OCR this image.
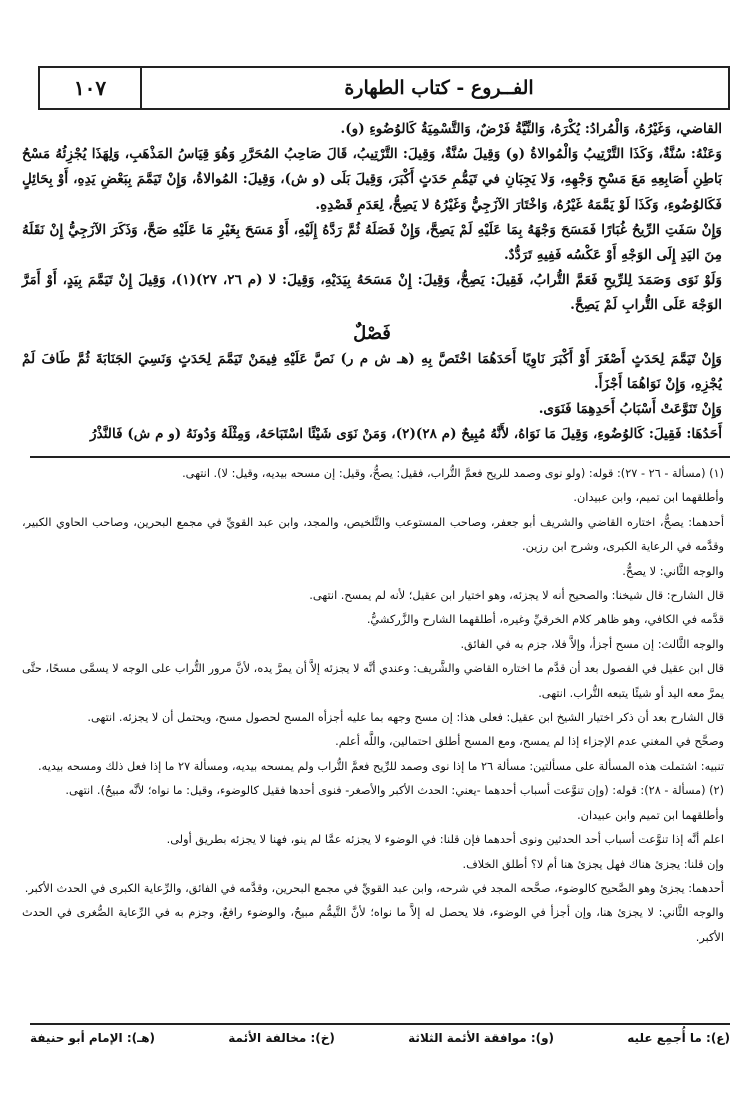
الفــروع - كتاب الطهارة
١٠٧

القاضي، وَغَيْرُهُ، وَالْمُرادُ: يُكْرَهُ، وَالنِّيَّةُ فَرْضٌ، وَالتَّسْمِيَةُ كَالوُضُوءِ (و).

وَعَنْهُ: سُنَّةٌ، وَكَذَا التَّرْتِيبُ وَالْمُوالاةُ (و) وَقِيلَ سُنَّةٌ، وَقِيلَ: التَّرْتِيبُ، قَالَ صَاحِبُ المُحَرَّرِ وَهُوَ قِيَاسُ المَذْهَبِ، وَلِهَذَا يُجْزِئُهُ مَسْحُ بَاطِنِ أَصَابِعِهِ مَعَ مَسْحِ وَجْهِهِ، وَلا يَجِبَانِ في تَيَمُّمِ حَدَثٍ أَكْبَرَ، وَقِيلَ بَلَى (و ش)، وَقِيلَ: المُوالاةُ، وَإِنْ تَيَمَّمَ بِبَعْضِ يَدِهِ، أَوْ بِحَائِلٍ فَكَالوُضُوءِ، وَكَذَا لَوْ يَمَّمَهُ غَيْرُهُ، وَاخْتَارَ الآزَجِيُّ وَغَيْرُهُ لا يَصِحُّ، لِعَدَمِ قَصْدِهِ.

وَإِنْ سَفَتِ الرِّيحُ غُبَارًا فَمَسَحَ وَجْهَهُ بِمَا عَلَيْهِ لَمْ يَصِحَّ، وَإِنْ فَصَلَهُ ثُمَّ رَدَّهُ إِلَيْهِ، أَوْ مَسَحَ بِغَيْرِ مَا عَلَيْهِ صَحَّ، وَذَكَرَ الآزَجِيُّ إِنْ نَقَلَهُ مِنَ اليَدِ إِلَى الوَجْهِ أَوْ عَكْسُه فَفِيهِ تَرَدُّدٌ.

وَلَوْ نَوَى وَصَمَدَ لِلرِّيحِ فَعَمَّ التُّرابُ، فَقِيلَ: يَصِحُّ، وَقِيلَ: إِنْ مَسَحَهُ بِيَدَيْهِ، وَقِيلَ: لا (م ٢٦، ٢٧)(١)، وَقِيلَ إِنْ تَيَمَّمَ بِيَدٍ، أَوْ أَمَرَّ الوَجْهَ عَلَى التُّرابِ لَمْ يَصِحَّ.

فَصْلٌ

وَإِنْ تَيَمَّمَ لِحَدَثٍ أَصْغَرَ أَوْ أَكْبَرَ نَاوِيًا أَحَدَهُمَا اخْتَصَّ بِهِ (هـ ش م ر) نَصَّ عَلَيْهِ فِيمَنْ تَيَمَّمَ لِحَدَثٍ وَنَسِيَ الجَنَابَةَ ثُمَّ طَافَ لَمْ يُجْزِهِ، وَإِنْ نَوَاهُمَا أَجْزَأَ.

وَإِنْ تَنَوَّعَتْ أَسْبَابُ أَحَدِهِمَا فَنَوَى.

أَحَدُهَا: فَقِيلَ: كَالوُضُوءِ، وَقِيلَ مَا نَوَاهُ، لأَنَّهُ مُبِيحٌ (م ٢٨)(٢)، وَمَنْ نَوَى شَيْئًا اسْتَبَاحَهُ، وَمِثْلَهُ وَدُونَهُ (و م ش) فَالنَّذْرُ

(١) (مسألة - ٢٦ - ٢٧): قوله: (ولو نوى وصمد للريح فعمَّ التُّراب، فقيل: يصحُّ، وقيل: إن مسحه بيديه، وقيل: لا). انتهى.

وأطلقهما ابن تميم، وابن عبيدان.

أحدهما: يصحُّ، اختاره القاضي والشريف أبو جعفر، وصاحب المستوعب والتَّلخيص، والمجد، وابن عبد القويِّ في مجمع البحرين، وصاحب الحاوي الكبير، وقدَّمه في الرعاية الكبرى، وشرح ابن رزين.

والوجه الثَّاني: لا يصحُّ.

قال الشارح: قال شيخنا: والصحيح أنه لا يجزئه، وهو اختيار ابن عقيل؛ لأنه لم يمسح. انتهى.

قدَّمه في الكافي، وهو ظاهر كلام الخرقيِّ وغيره، أطلقهما الشارح والزَّركشيُّ.

والوجه الثَّالث: إن مسح أجزأ، وإلاَّ فلا، جزم به في الفائق.

قال ابن عقيل في الفصول بعد أن قدَّم ما اختاره القاضي والشَّريف: وعندي أنَّه لا يجزئه إلاَّ أن يمرَّ يده، لأنَّ مرور التُّراب على الوجه لا يسمَّى مسحًا، حتَّى يمرَّ معه اليد أو شيئًا يتبعه التُّراب. انتهى.

قال الشارح بعد أن ذكر اختيار الشيخ ابن عقيل: فعلى هذا: إن مسح وجهه بما عليه أجزأه المسح لحصول مسح، ويحتمل أن لا يجزئه. انتهى.

وصحَّح في المغني عدم الإجزاء إذا لم يمسح، ومع المسح أطلق احتمالين، واللَّه أعلم.

تنبيه: اشتملت هذه المسألة على مسألتين: مسألة ٢٦ ما إذا نوى وصمد للرِّيح فعمَّ التُّراب ولم يمسحه بيديه، ومسألة ٢٧ ما إذا فعل ذلك ومسحه بيديه.

(٢) (مسألة - ٢٨): قوله: (وإن تنوَّعت أسباب أحدهما -يعني: الحدث الأكبر والأصغر- فنوى أحدها فقيل كالوضوء، وقيل: ما نواه؛ لأنَّه مبيحٌ). انتهى.

وأطلقهما ابن تميم وابن عبيدان.

اعلم أنَّه إذا تنوَّعت أسباب أحد الحدثين ونوى أحدهما فإن قلنا: في الوضوء لا يجزئه عمَّا لم ينو، فهنا لا يجزئه بطريق أولى.

وإن قلنا: يجزئ هناك فهل يجزئ هنا أم لا؟ أطلق الخلاف.

أحدهما: يجزئ وهو الصَّحيح كالوضوء، صحَّحه المجد في شرحه، وابن عبد القويِّ في مجمع البحرين، وقدَّمه في الفائق، والرِّعاية الكبرى في الحدث الأكبر.

والوجه الثَّاني: لا يجزئ هنا، وإن أجزأ في الوضوء، فلا يحصل له إلاَّ ما نواه؛ لأنَّ التَّيمُّم مبيحٌ، والوضوء رافعٌ، وجزم به في الرِّعاية الصُّغرى في الحدث الأكبر.

(ع): ما أُجمِع عليه
(و): موافقة الأئمة الثلاثة
(خ): مخالفة الأئمة
(هـ): الإمام أبو حنيفة
